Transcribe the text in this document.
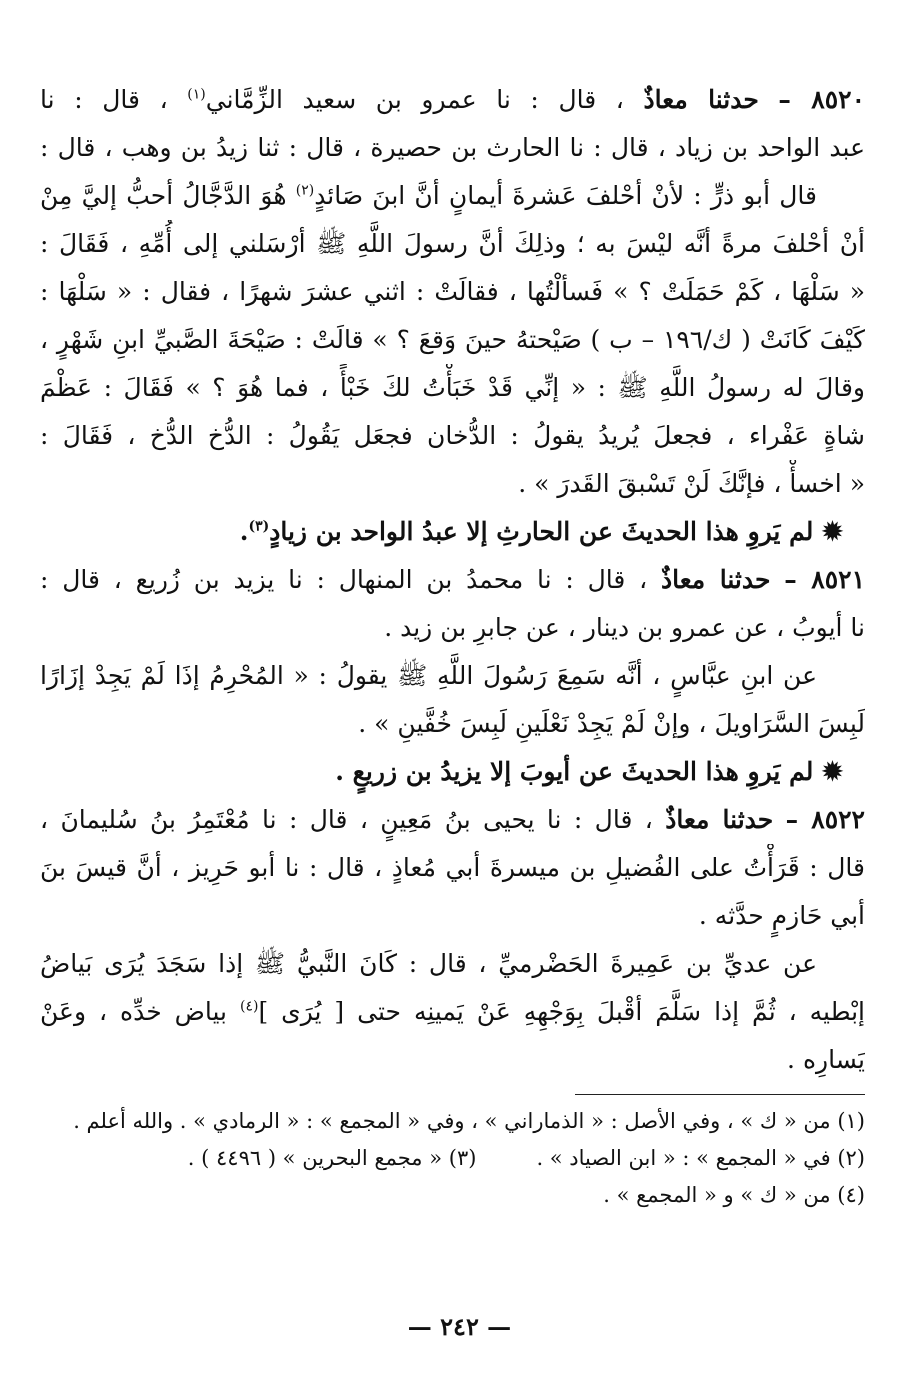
٨٥٢٠ – حدثنا معاذٌ ، قال : نا عمرو بن سعيد الزِّمَّاني$^{(١)}$ ، قال : نا
عبد الواحد بن زياد ، قال : نا الحارث بن حصيرة ، قال : ثنا زيدُ بن وهب ، قال :
قال أبو ذرٍّ : لأنْ أحْلفَ عَشرةَ أيمانٍ أنَّ ابنَ صَائدٍ$^{(٢)}$ هُوَ الدَّجَّالُ أحبُّ إليَّ مِنْ
أنْ أحْلفَ مرةً أنَّه ليْسَ به ؛ وذلِكَ أنَّ رسولَ اللَّهِ ﷺ أرْسَلني إلى أُمِّهِ ، فَقَالَ :
« سَلْهَا ، كَمْ حَمَلَتْ ؟ » فَسألْتُها ، فقالَتْ : اثني عشرَ شهرًا ، فقال : « سَلْهَا :
كَيْفَ كَانَتْ ( ك/١٩٦ – ب ) صَيْحتهُ حينَ وَقعَ ؟ » قالَتْ : صَيْحَةَ الصَّبيِّ ابنِ شَهْرٍ ،
وقالَ له رسولُ اللَّهِ ﷺ : « إنِّي قَدْ خَبَأْتُ لكَ خَبْأً ، فما هُوَ ؟ » فَقَالَ : عَظْمَ
شاةٍ عَفْراء ، فجعلَ يُريدُ يقولُ : الدُّخان فجعَل يَقُولُ : الدُّخ الدُّخ ، فَقَالَ :
« اخسأْ ، فإنَّكَ لَنْ تَسْبقَ القَدرَ » .
✹ لم يَروِ هذا الحديثَ عن الحارثِ إلا عبدُ الواحد بن زيادٍ$^{(٣)}$.
٨٥٢١ – حدثنا معاذٌ ، قال : نا محمدُ بن المنهال : نا يزيد بن زُريع ، قال :
نا أيوبُ ، عن عمرو بن دينار ، عن جابرِ بن زيد .
عن ابنِ عبَّاسٍ ، أنَّه سَمِعَ رَسُولَ اللَّهِ ﷺ يقولُ : « المُحْرِمُ إذَا لَمْ يَجِدْ إزَارًا
لَبِسَ السَّرَاويلَ ، وإنْ لَمْ يَجِدْ نَعْلَينِ لَبِسَ خُفَّينِ » .
✹ لم يَروِ هذا الحديثَ عن أيوبَ إلا يزيدُ بن زريعٍ .
٨٥٢٢ – حدثنا معاذٌ ، قال : نا يحيى بنُ مَعِينٍ ، قال : نا مُعْتَمِرُ بنُ سُليمانَ ،
قال : قَرَأْتُ على الفُضيلِ بن ميسرةَ أبي مُعاذٍ ، قال : نا أبو حَرِيز ، أنَّ قيسَ بنَ
أبي حَازمٍ حدَّثه .
عن عديِّ بن عَمِيرةَ الحَضْرميِّ ، قال : كَانَ النَّبيُّ ﷺ إذا سَجَدَ يُرَى بَياضُ
إبْطيه ، ثُمَّ إذا سَلَّمَ أقْبلَ بِوَجْهِهِ عَنْ يَمينِه حتى [ يُرَى ]$^{(٤)}$ بياض خدِّه ، وعَنْ
يَسارِه .
(١) من « ك » ، وفي الأصل : « الذماراني » ، وفي « المجمع » : « الرمادي » . والله أعلم .
(٢) في « المجمع » : « ابن الصياد » .(٣) « مجمع البحرين » ( ٤٤٩٦ ) .
(٤) من « ك » و « المجمع » .
— ٢٤٢ —
